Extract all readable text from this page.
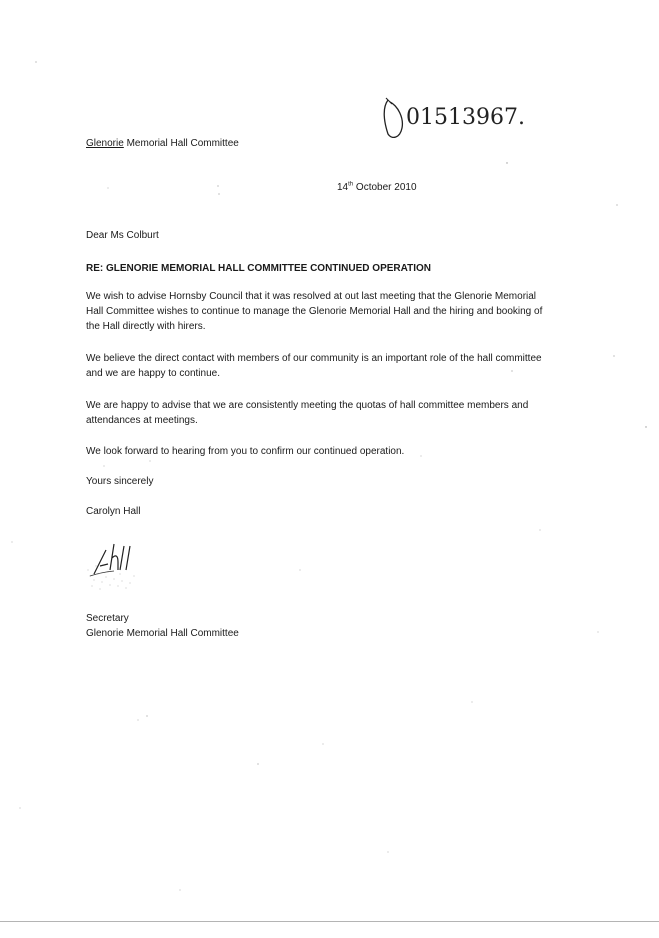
01513967.
Glenorie Memorial Hall Committee
14th October 2010
Dear Ms Colburt
RE: GLENORIE MEMORIAL HALL COMMITTEE CONTINUED OPERATION
We wish to advise Hornsby Council that it was resolved at out last meeting that the Glenorie Memorial Hall Committee wishes to continue to manage the Glenorie Memorial Hall and the hiring and booking of the Hall directly with hirers.
We believe the direct contact with members of our community is an important role of the hall committee and we are happy to continue.
We are happy to advise that we are consistently meeting the quotas of hall committee members and attendances at meetings.
We look forward to hearing from you to confirm our continued operation.
Yours sincerely
Carolyn Hall
Secretary
Glenorie Memorial Hall Committee
